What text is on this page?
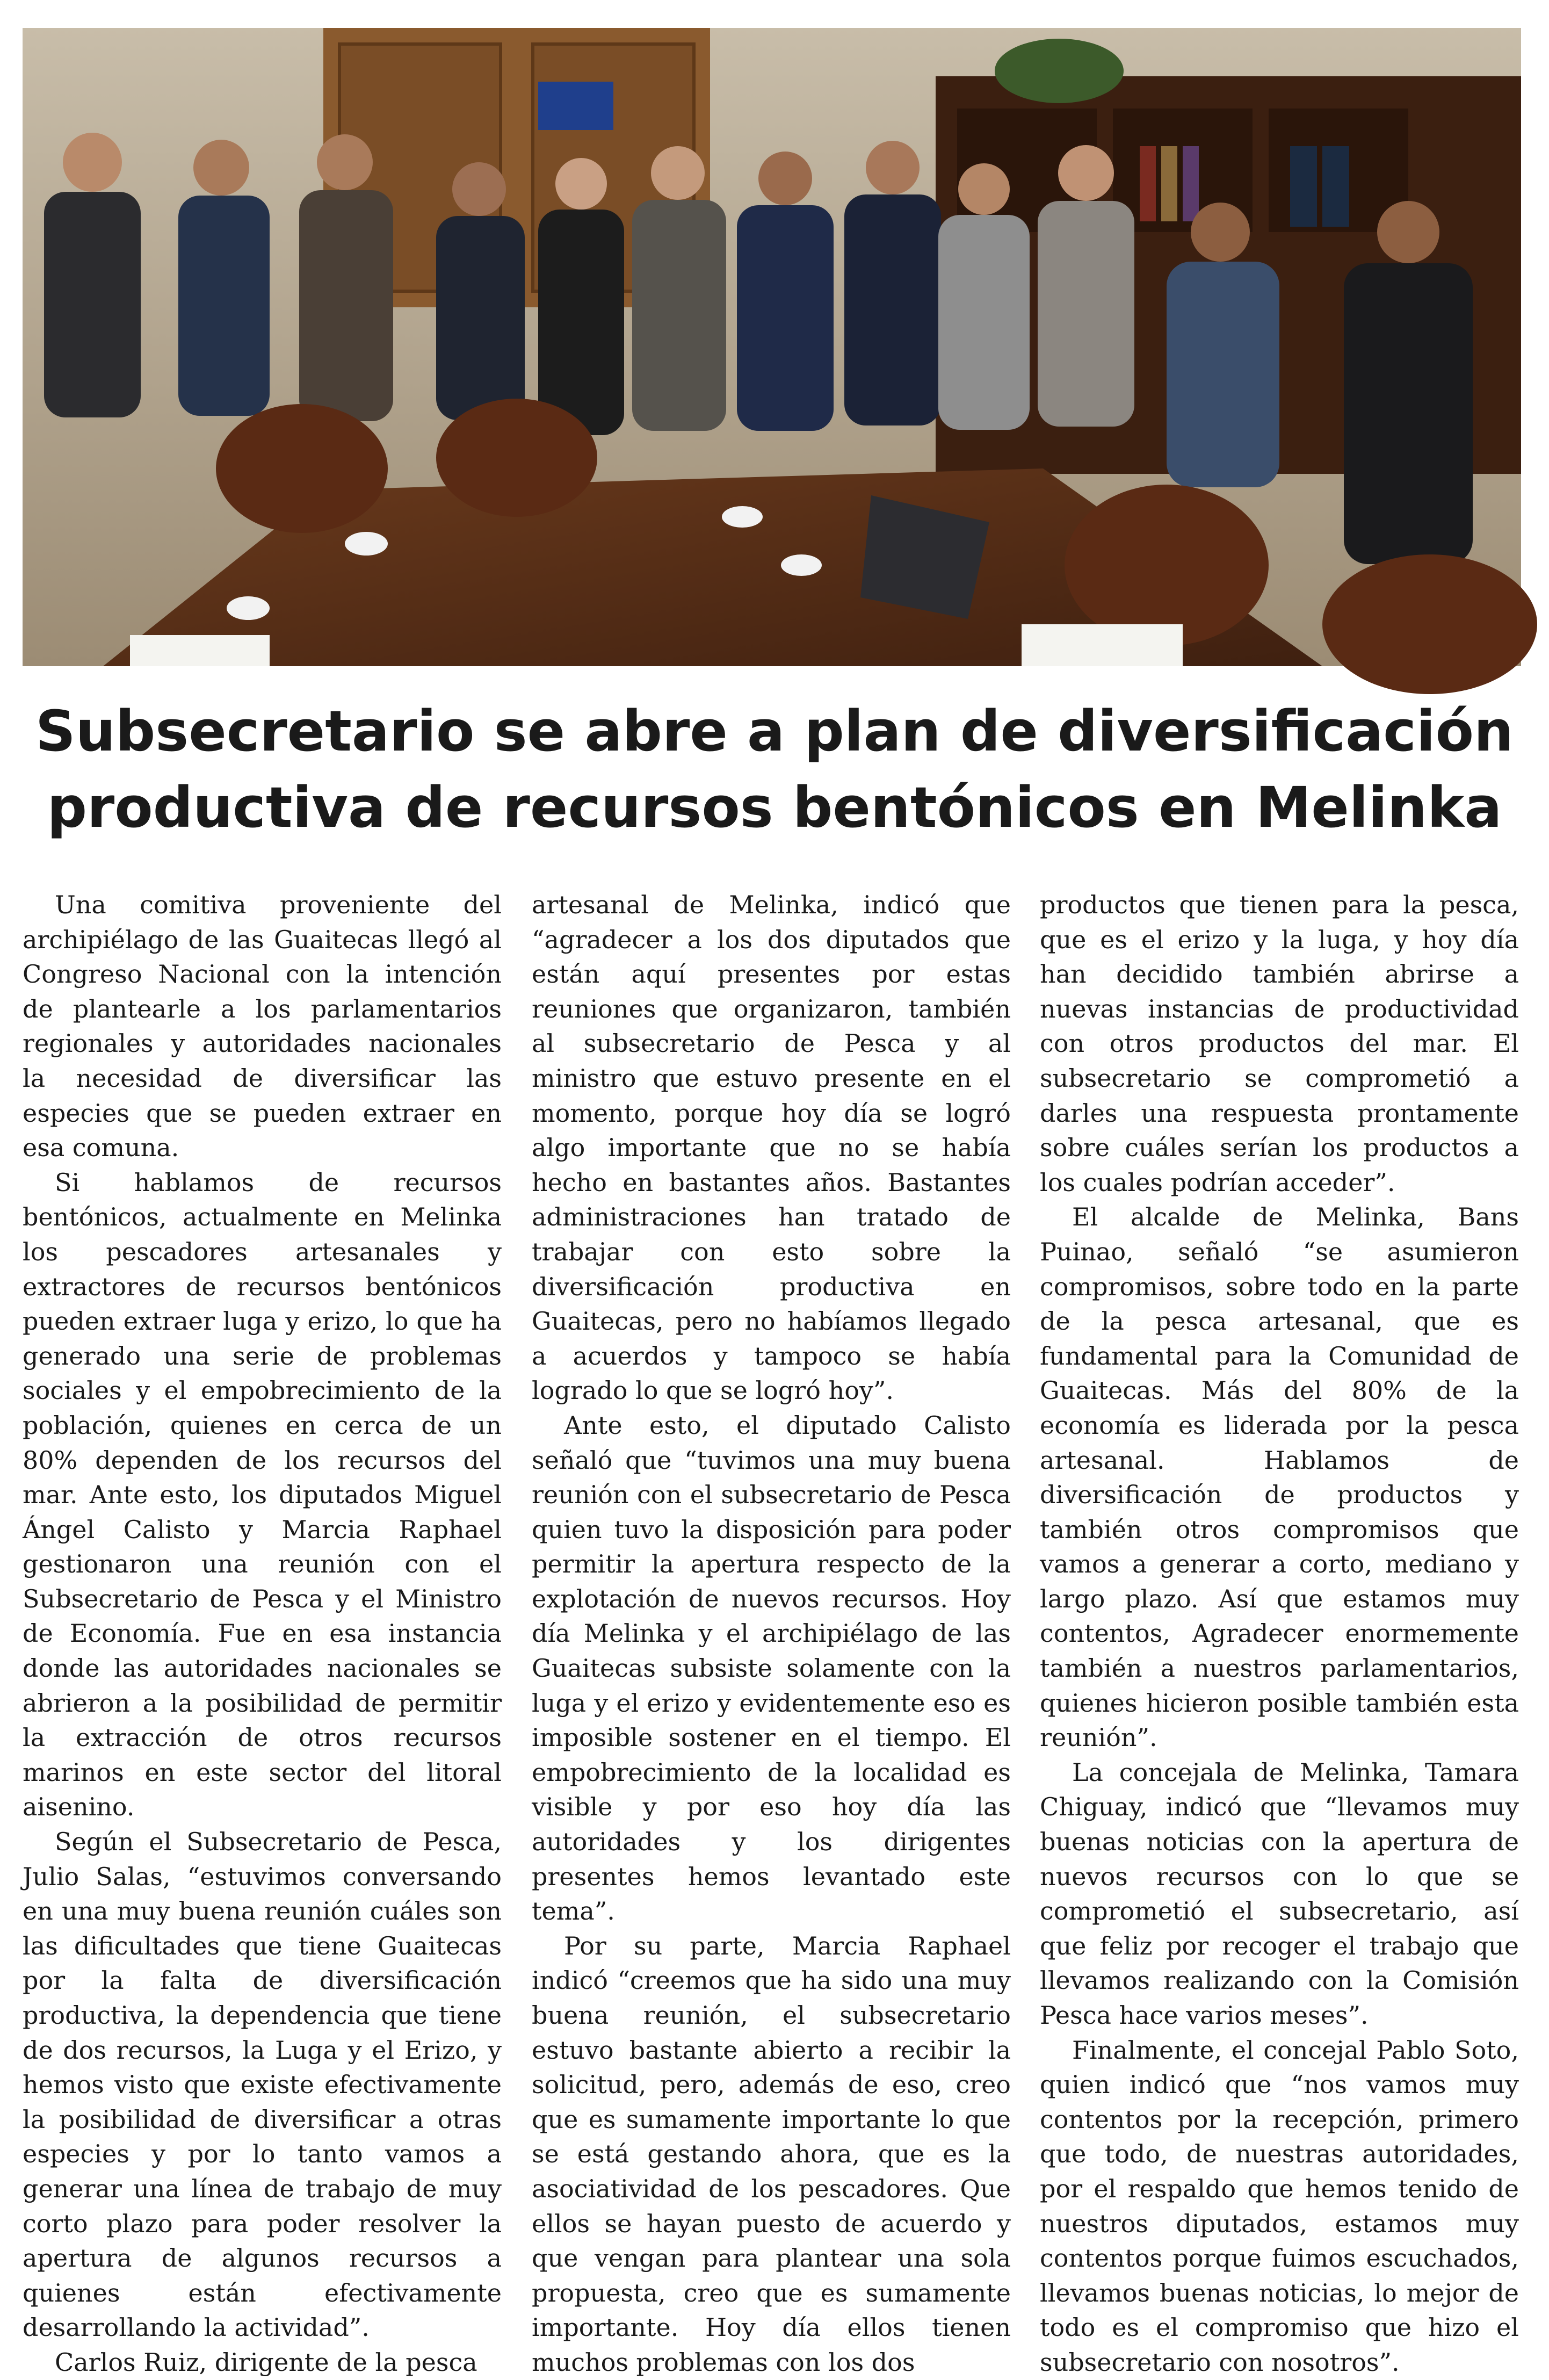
Subsecretario se abre a plan de diversificación
productiva de recursos bentónicos en Melinka

Una comitiva proveniente del archipiélago de las Guaitecas llegó al Congreso Nacional con la intención de plantearle a los parlamentarios regionales y autoridades nacionales la necesidad de diversificar las especies que se pueden extraer en esa comuna.

Si hablamos de recursos bentónicos, actualmente en Melinka los pescadores artesanales y extractores de recursos bentónicos pueden extraer luga y erizo, lo que ha generado una serie de problemas sociales y el empobrecimiento de la población, quienes en cerca de un 80% dependen de los recursos del mar. Ante esto, los diputados Miguel Ángel Calisto y Marcia Raphael gestionaron una reunión con el Subsecretario de Pesca y el Ministro de Economía. Fue en esa instancia donde las autoridades nacionales se abrieron a la posibilidad de permitir la extracción de otros recursos marinos en este sector del litoral aisenino.

Según el Subsecretario de Pesca, Julio Salas, “estuvimos conversando en una muy buena reunión cuáles son las dificultades que tiene Guaitecas por la falta de diversificación productiva, la dependencia que tiene de dos recursos, la Luga y el Erizo, y hemos visto que existe efectivamente la posibilidad de diversificar a otras especies y por lo tanto vamos a generar una línea de trabajo de muy corto plazo para poder resolver la apertura de algunos recursos a quienes están efectivamente desarrollando la actividad”.

Carlos Ruiz, dirigente de la pesca

artesanal de Melinka, indicó que “agradecer a los dos diputados que están aquí presentes por estas reuniones que organizaron, también al subsecretario de Pesca y al ministro que estuvo presente en el momento, porque hoy día se logró algo importante que no se había hecho en bastantes años. Bastantes administraciones han tratado de trabajar con esto sobre la diversificación productiva en Guaitecas, pero no habíamos llegado a acuerdos y tampoco se había logrado lo que se logró hoy”.

Ante esto, el diputado Calisto señaló que “tuvimos una muy buena reunión con el subsecretario de Pesca quien tuvo la disposición para poder permitir la apertura respecto de la explotación de nuevos recursos. Hoy día Melinka y el archipiélago de las Guaitecas subsiste solamente con la luga y el erizo y evidentemente eso es imposible sostener en el tiempo. El empobrecimiento de la localidad es visible y por eso hoy día las autoridades y los dirigentes presentes hemos levantado este tema”.

Por su parte, Marcia Raphael indicó “creemos que ha sido una muy buena reunión, el subsecretario estuvo bastante abierto a recibir la solicitud, pero, además de eso, creo que es sumamente importante lo que se está gestando ahora, que es la asociatividad de los pescadores. Que ellos se hayan puesto de acuerdo y que vengan para plantear una sola propuesta, creo que es sumamente importante. Hoy día ellos tienen muchos problemas con los dos

productos que tienen para la pesca, que es el erizo y la luga, y hoy día han decidido también abrirse a nuevas instancias de productividad con otros productos del mar. El subsecretario se comprometió a darles una respuesta prontamente sobre cuáles serían los productos a los cuales podrían acceder”.

El alcalde de Melinka, Bans Puinao, señaló “se asumieron compromisos, sobre todo en la parte de la pesca artesanal, que es fundamental para la Comunidad de Guaitecas. Más del 80% de la economía es liderada por la pesca artesanal. Hablamos de diversificación de productos y también otros compromisos que vamos a generar a corto, mediano y largo plazo. Así que estamos muy contentos, Agradecer enormemente también a nuestros parlamentarios, quienes hicieron posible también esta reunión”.

La concejala de Melinka, Tamara Chiguay, indicó que “llevamos muy buenas noticias con la apertura de nuevos recursos con lo que se comprometió el subsecretario, así que feliz por recoger el trabajo que llevamos realizando con la Comisión Pesca hace varios meses”.

Finalmente, el concejal Pablo Soto, quien indicó que “nos vamos muy contentos por la recepción, primero que todo, de nuestras autoridades, por el respaldo que hemos tenido de nuestros diputados, estamos muy contentos porque fuimos escuchados, llevamos buenas noticias, lo mejor de todo es el compromiso que hizo el subsecretario con nosotros”.
